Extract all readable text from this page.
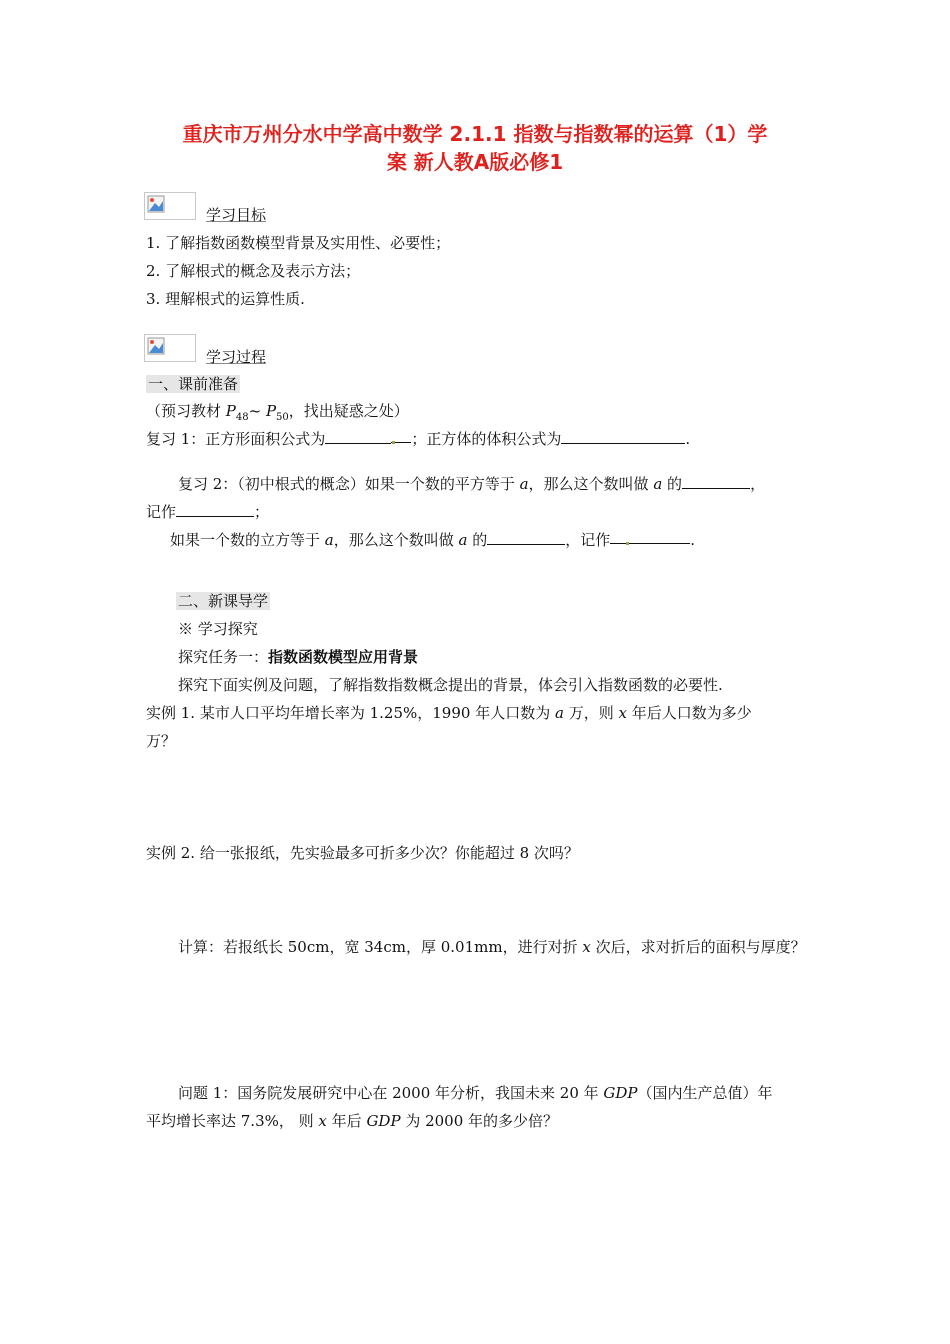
重庆市万州分水中学高中数学 2.1.1 指数与指数幂的运算（1）学
案 新人教A版必修1
学习目标
1. 了解指数函数模型背景及实用性、必要性；
2. 了解根式的概念及表示方法；
3. 理解根式的运算性质.
学习过程
一、课前准备
（预习教材 $P_{48}\sim$ $P_{50}$，找出疑惑之处）
复习 1：正方形面积公式为	；正方体的体积公式为	.
复习 2：（初中根式的概念）如果一个数的平方等于 a，那么这个数叫做 a 的	，
记作	；
如果一个数的立方等于 a，那么这个数叫做 a 的	，记作	.
二、新课导学
※ 学习探究
探究任务一：指数函数模型应用背景
探究下面实例及问题，了解指数指数概念提出的背景，体会引入指数函数的必要性.
实例 1. 某市人口平均年增长率为 1.25%，1990 年人口数为 a 万，则 x 年后人口数为多少
万？
实例 2. 给一张报纸，先实验最多可折多少次？你能超过 8 次吗？
计算：若报纸长 50cm，宽 34cm，厚 0.01mm，进行对折 x 次后，求对折后的面积与厚度？
问题 1：国务院发展研究中心在 2000 年分析，我国未来 20 年 GDP（国内生产总值）年
平均增长率达 7.3%， 则 x 年后 GDP 为 2000 年的多少倍？
